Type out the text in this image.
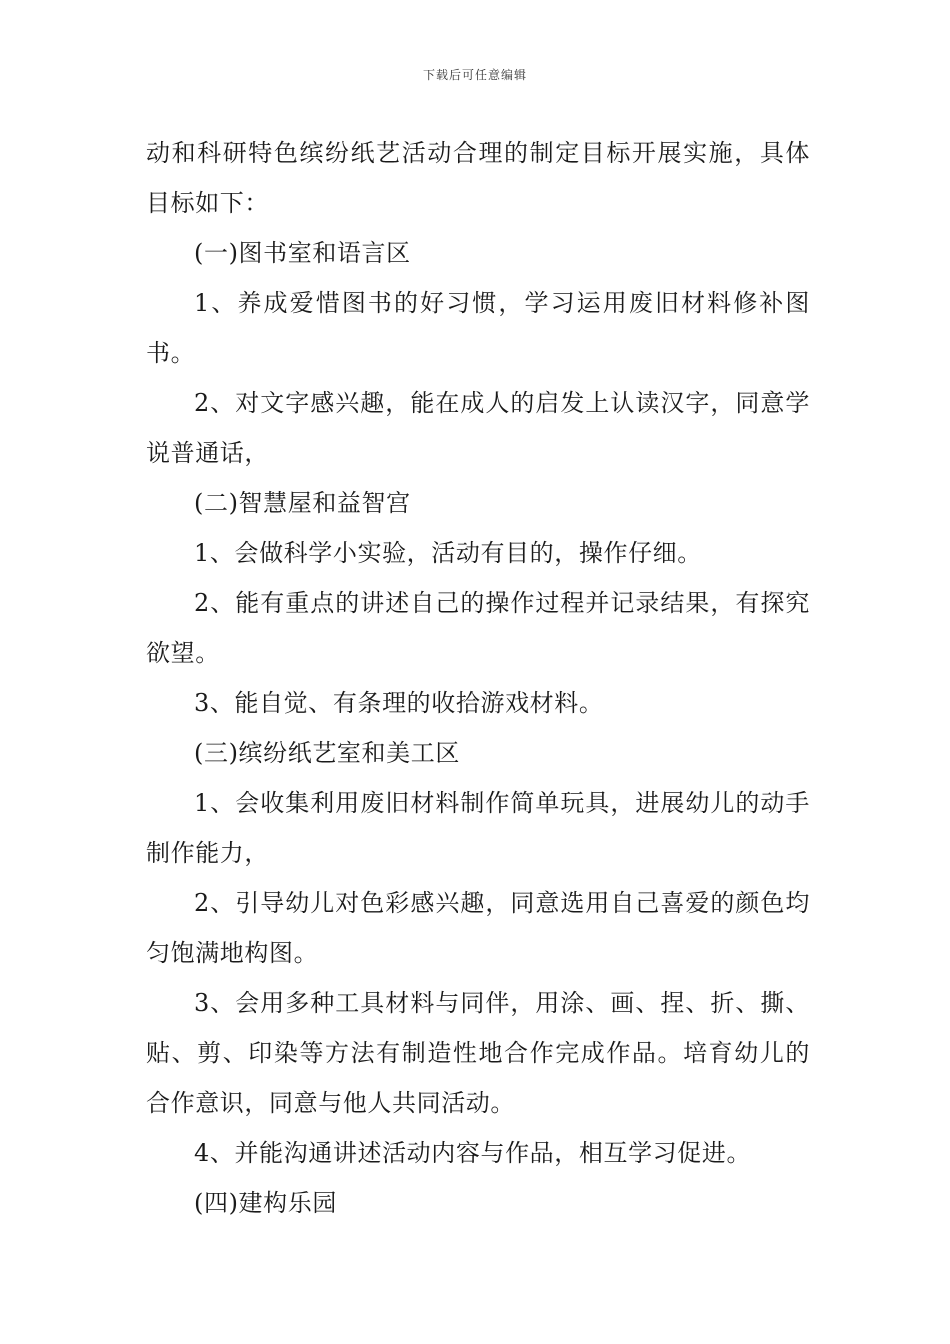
下载后可任意编辑

动和科研特色缤纷纸艺活动合理的制定目标开展实施，具体目标如下：

(一)图书室和语言区

1、养成爱惜图书的好习惯，学习运用废旧材料修补图书。

2、对文字感兴趣，能在成人的启发上认读汉字，同意学说普通话，

(二)智慧屋和益智宫

1、会做科学小实验，活动有目的，操作仔细。

2、能有重点的讲述自己的操作过程并记录结果，有探究欲望。

3、能自觉、有条理的收拾游戏材料。

(三)缤纷纸艺室和美工区

1、会收集利用废旧材料制作简单玩具，进展幼儿的动手制作能力，

2、引导幼儿对色彩感兴趣，同意选用自己喜爱的颜色均匀饱满地构图。

3、会用多种工具材料与同伴，用涂、画、捏、折、撕、贴、剪、印染等方法有制造性地合作完成作品。培育幼儿的合作意识，同意与他人共同活动。

4、并能沟通讲述活动内容与作品，相互学习促进。

(四)建构乐园
